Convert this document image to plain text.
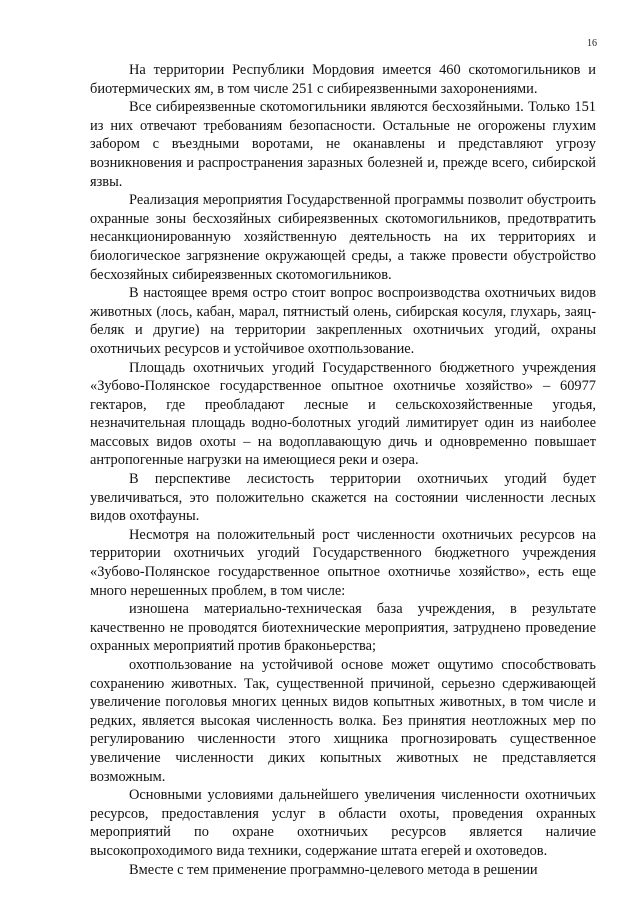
16

На территории Республики Мордовия имеется 460 скотомогильников и биотермических ям, в том числе 251 с сибиреязвенными захоронениями.

Все сибиреязвенные скотомогильники являются бесхозяйными. Только 151 из них отвечают требованиям безопасности. Остальные не огорожены глухим забором с въездными воротами, не оканавлены и представляют угрозу возникновения и распространения заразных болезней и, прежде всего, сибирской язвы.

Реализация мероприятия Государственной программы позволит обустроить охранные зоны бесхозяйных сибиреязвенных скотомогильников, предотвратить несанкционированную хозяйственную деятельность на их территориях и биологическое загрязнение окружающей среды, а также провести обустройство бесхозяйных сибиреязвенных скотомогильников.

В настоящее время остро стоит вопрос воспроизводства охотничьих видов животных (лось, кабан, марал, пятнистый олень, сибирская косуля, глухарь, заяц-беляк и другие) на территории закрепленных охотничьих угодий, охраны охотничьих ресурсов и устойчивое охотпользование.

Площадь охотничьих угодий Государственного бюджетного учреждения «Зубово-Полянское государственное опытное охотничье хозяйство» – 60977 гектаров, где преобладают лесные и сельскохозяйственные угодья, незначительная площадь водно-болотных угодий лимитирует один из наиболее массовых видов охоты – на водоплавающую дичь и одновременно повышает антропогенные нагрузки на имеющиеся реки и озера.

В перспективе лесистость территории охотничьих угодий будет увеличиваться, это положительно скажется на состоянии численности лесных видов охотфауны.

Несмотря на положительный рост численности охотничьих ресурсов на территории охотничьих угодий Государственного бюджетного учреждения «Зубово-Полянское государственное опытное охотничье хозяйство», есть еще много нерешенных проблем, в том числе:

изношена материально-техническая база учреждения, в результате качественно не проводятся биотехнические мероприятия, затруднено проведение охранных мероприятий против браконьерства;

охотпользование на устойчивой основе может ощутимо способствовать сохранению животных. Так, существенной причиной, серьезно сдерживающей увеличение поголовья многих ценных видов копытных животных, в том числе и редких, является высокая численность волка. Без принятия неотложных мер по регулированию численности этого хищника прогнозировать существенное увеличение численности диких копытных животных не представляется возможным.

Основными условиями дальнейшего увеличения численности охотничьих ресурсов, предоставления услуг в области охоты, проведения охранных мероприятий по охране охотничьих ресурсов является наличие высокопроходимого вида техники, содержание штата егерей и охотоведов.

Вместе с тем применение программно-целевого метода в решении
